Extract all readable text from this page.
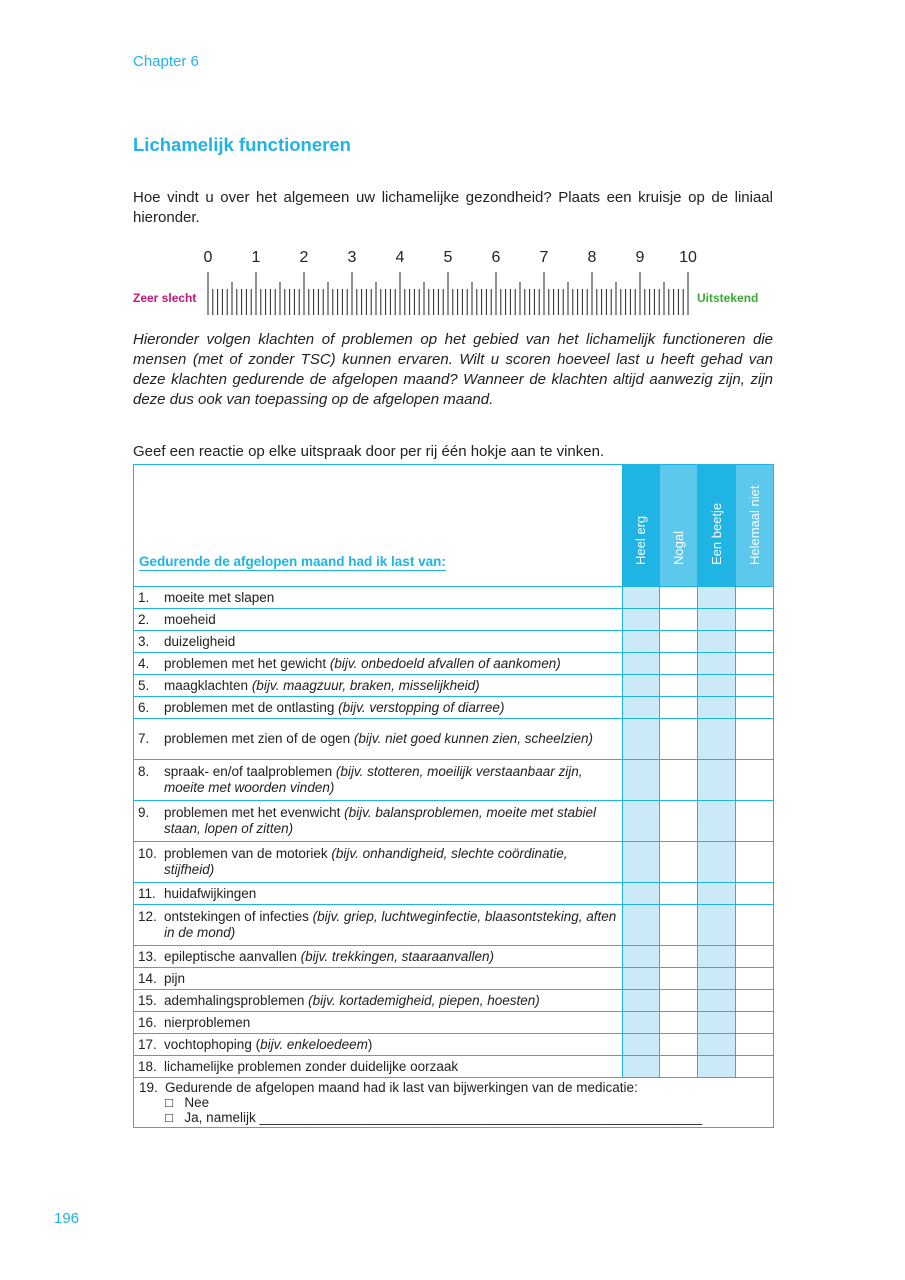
Chapter 6
Lichamelijk functioneren
Hoe vindt u over het algemeen uw lichamelijke gezondheid? Plaats een kruisje op de liniaal hieronder.
0 1 2 3 4 5 6 7 8 9 10
Zeer slecht	Uitstekend
Hieronder volgen klachten of problemen op het gebied van het lichamelijk functioneren die mensen (met of zonder TSC) kunnen ervaren. Wilt u scoren hoeveel last u heeft gehad van deze klachten gedurende de afgelopen maand? Wanneer de klachten altijd aanwezig zijn, zijn deze dus ook van toepassing op de afgelopen maand.
Geef een reactie op elke uitspraak door per rij één hokje aan te vinken.
Gedurende de afgelopen maand had ik last van:	Heel erg	Nogal	Een beetje	Helemaal niet

1. moeite met slapen				

2. moeheid				

3. duizeligheid				

4. problemen met het gewicht (bijv. onbedoeld afvallen of aankomen)				

5. maagklachten (bijv. maagzuur, braken, misselijkheid)				

6. problemen met de ontlasting (bijv. verstopping of diarree)				

7. problemen met zien of de ogen (bijv. niet goed kunnen zien, scheelzien)				

8. spraak- en/of taalproblemen (bijv. stotteren, moeilijk verstaanbaar zijn, moeite met woorden vinden)				

9. problemen met het evenwicht (bijv. balansproblemen, moeite met stabiel staan, lopen of zitten)				

10. problemen van de motoriek (bijv. onhandigheid, slechte coördinatie, stijfheid)				

11. huidafwijkingen				

12. ontstekingen of infecties (bijv. griep, luchtweginfectie, blaasontsteking, aften in de mond)				

13. epileptische aanvallen (bijv. trekkingen, staaraanvallen)				

14. pijn				

15. ademhalingsproblemen (bijv. kortademigheid, piepen, hoesten)				

16. nierproblemen				

17. vochtophoping (bijv. enkeloedeem)				

18. lichamelijke problemen zonder duidelijke oorzaak				

19. Gedurende de afgelopen maand had ik last van bijwerkingen van de medicatie:
□ Nee
□ Ja, namelijk ___________________________________________________________				
196
